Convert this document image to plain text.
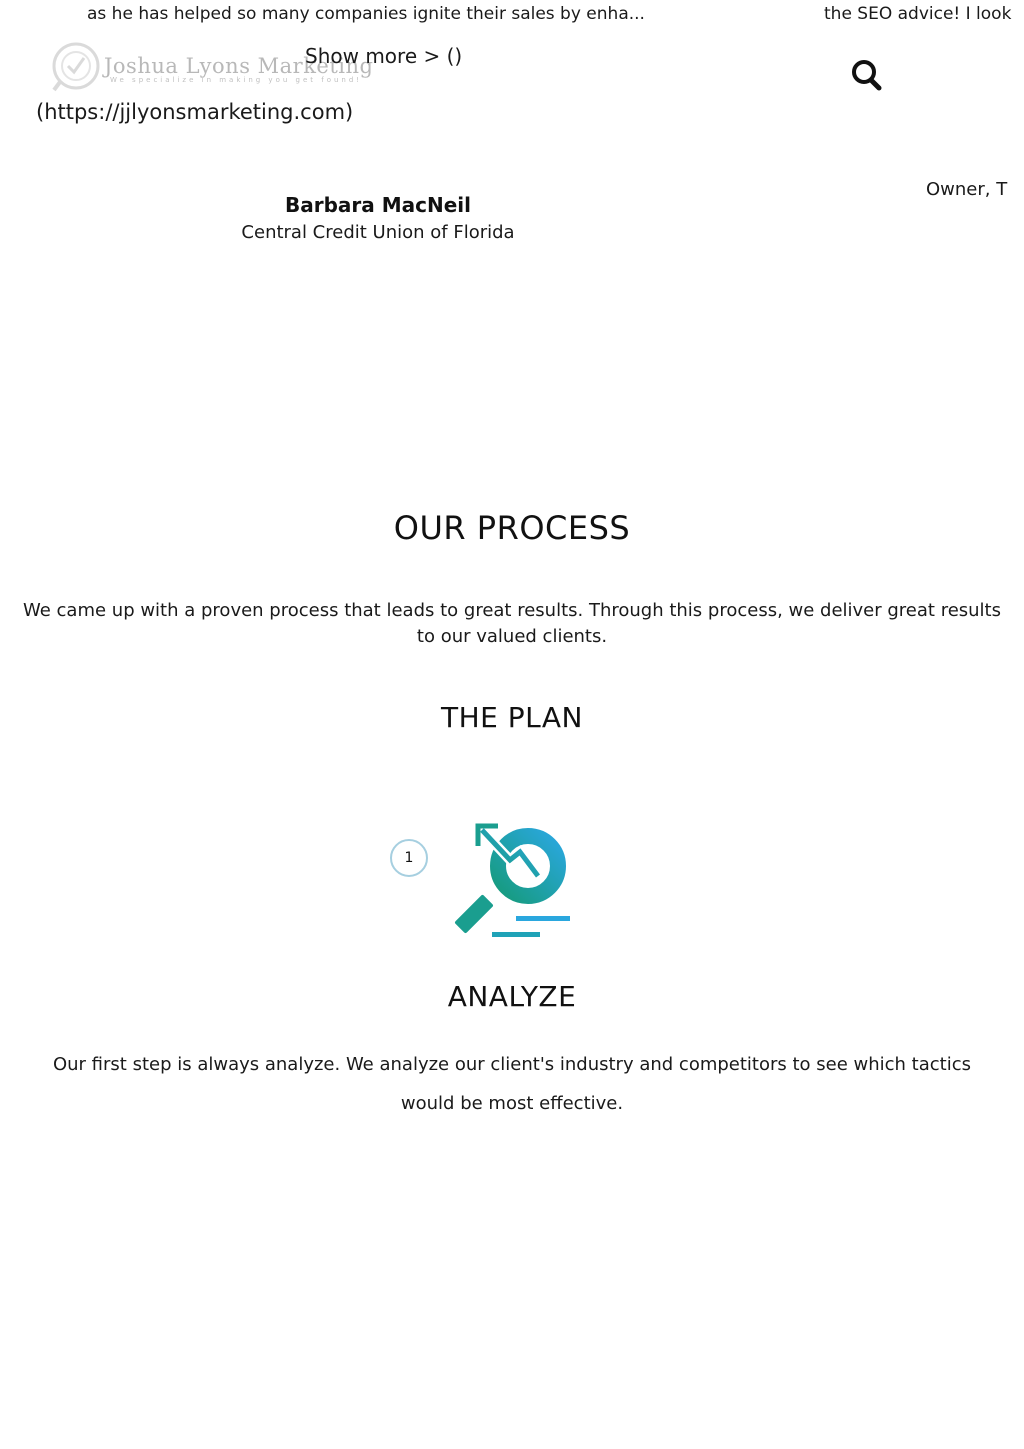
as he has helped so many companies ignite their sales by enha...	the SEO advice! I look
Joshua Lyons Marketing
We specialize in making you get found!
Show more > ()
(https://jjlyonsmarketing.com)
Owner, T
Barbara MacNeil
Central Credit Union of Florida
OUR PROCESS
We came up with a proven process that leads to great results. Through this process, we deliver great results to our valued clients.
THE PLAN
1
ANALYZE
Our first step is always analyze. We analyze our client's industry and competitors to see which tactics would be most effective.
